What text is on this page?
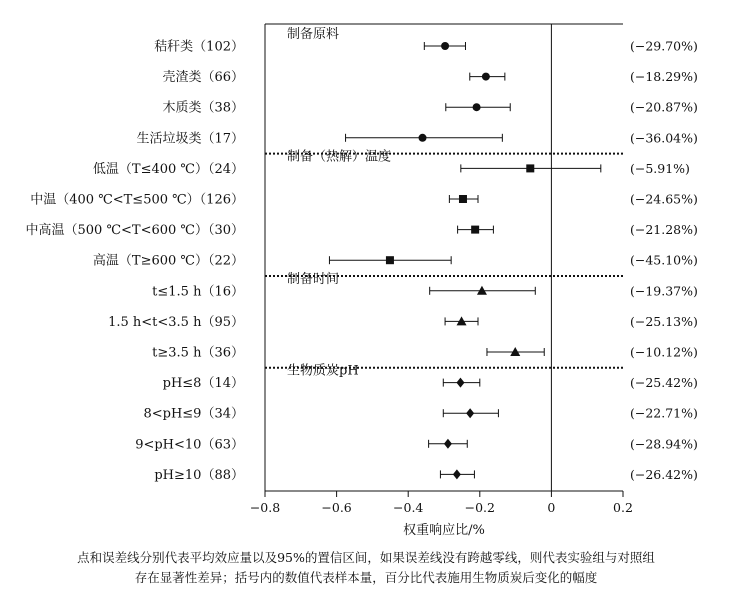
−0.8	−0.6	−0.4	−0.2	0	0.2
权重响应比/%
制备原料
秸秆类（102）	(−29.70%)
壳渣类（66）	(−18.29%)
木质类（38）	(−20.87%)
生活垃圾类（17）	(−36.04%)
制备（热解）温度
低温（T≤400 ℃）（24）	(−5.91%)
中温（400 ℃<T≤500 ℃）（126）	(−24.65%)
中高温（500 ℃<T<600 ℃）（30）	(−21.28%)
高温（T≥600 ℃）（22）	(−45.10%)
制备时间
t≤1.5 h（16）	(−19.37%)
1.5 h<t<3.5 h（95）	(−25.13%)
t≥3.5 h（36）	(−10.12%)
生物质炭pH
pH≤8（14）	(−25.42%)
8<pH≤9（34）	(−22.71%)
9<pH<10（63）	(−28.94%)
pH≥10（88）	(−26.42%)
点和误差线分别代表平均效应量以及95%的置信区间，如果误差线没有跨越零线，则代表实验组与对照组
存在显著性差异；括号内的数值代表样本量，百分比代表施用生物质炭后变化的幅度
